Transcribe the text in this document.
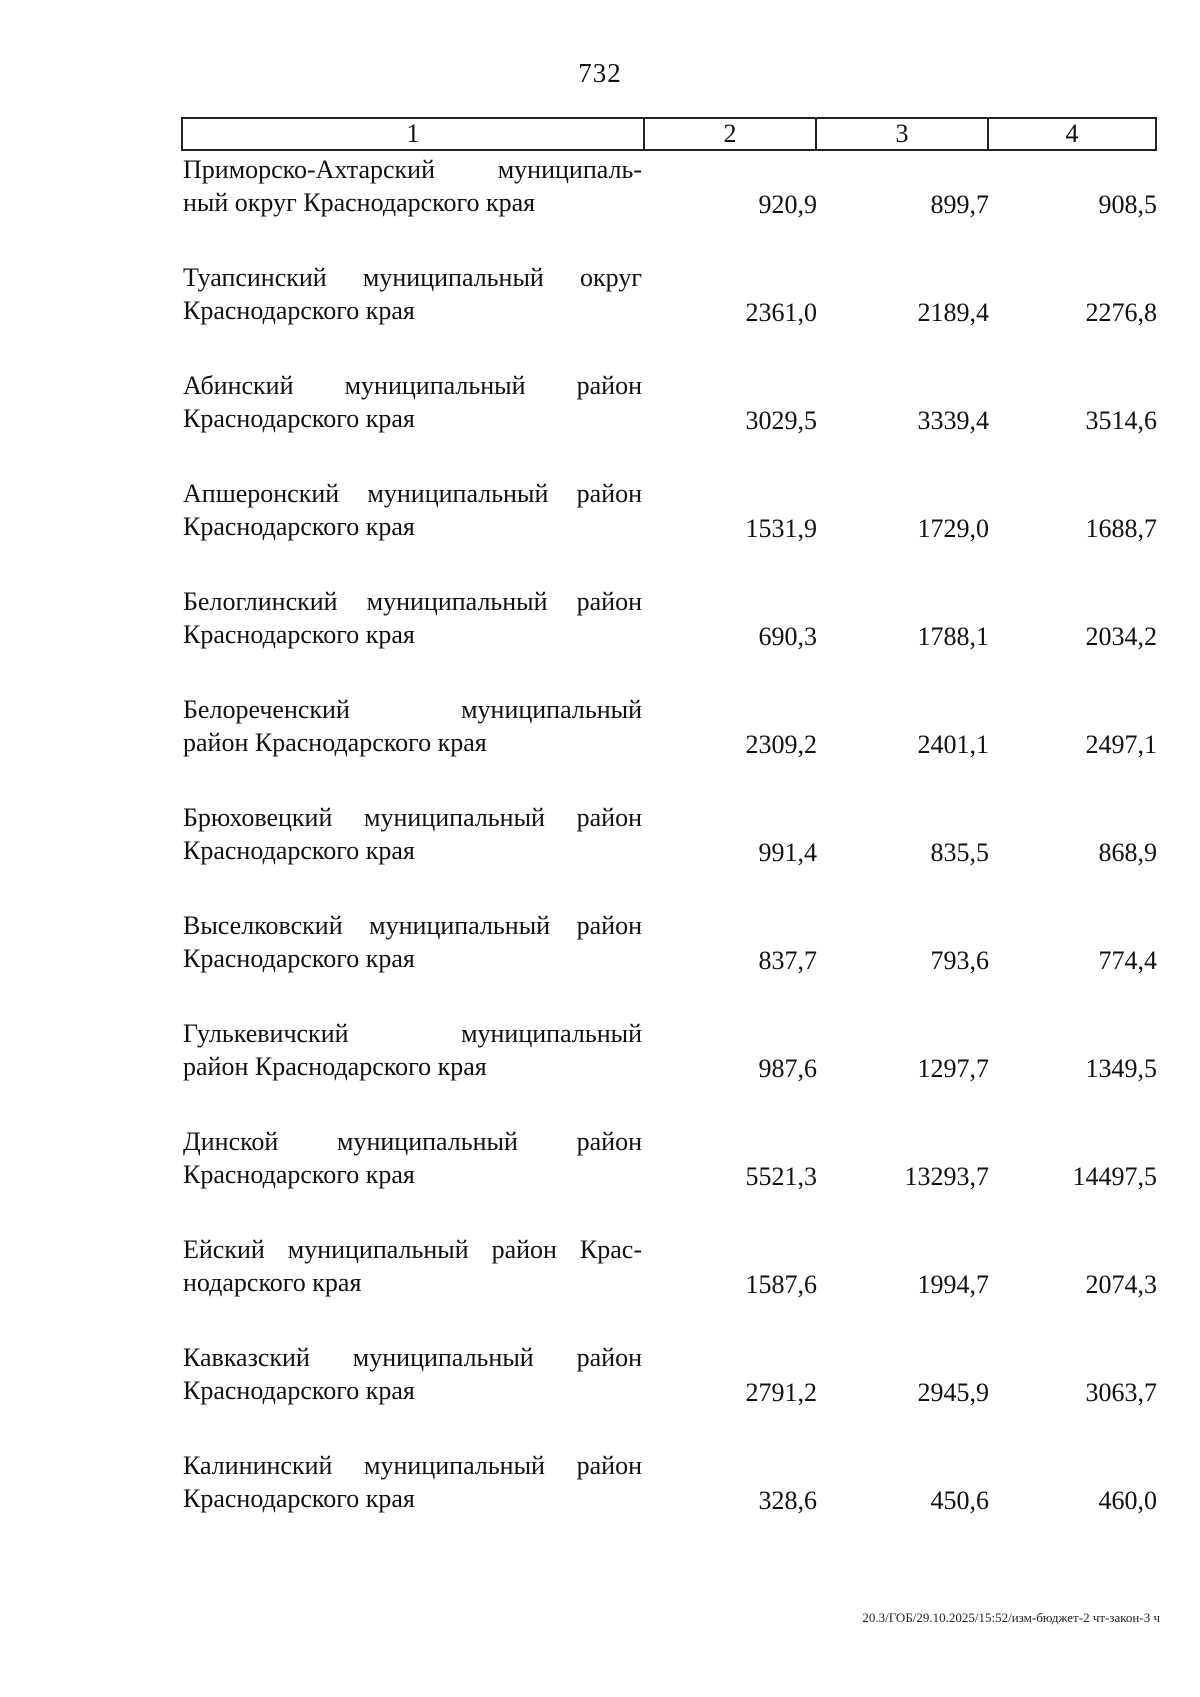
732
1	2	3	4
Приморско-Ахтарский муниципаль-
ный округ Краснодарского края	920,9	899,7	908,5
Туапсинский муниципальный округ
Краснодарского края	2361,0	2189,4	2276,8
Абинский муниципальный район
Краснодарского края	3029,5	3339,4	3514,6
Апшеронский муниципальный район
Краснодарского края	1531,9	1729,0	1688,7
Белоглинский муниципальный район
Краснодарского края	690,3	1788,1	2034,2
Белореченский муниципальный
район Краснодарского края	2309,2	2401,1	2497,1
Брюховецкий муниципальный район
Краснодарского края	991,4	835,5	868,9
Выселковский муниципальный район
Краснодарского края	837,7	793,6	774,4
Гулькевичский муниципальный
район Краснодарского края	987,6	1297,7	1349,5
Динской муниципальный район
Краснодарского края	5521,3	13293,7	14497,5
Ейский муниципальный район Крас-
нодарского края	1587,6	1994,7	2074,3
Кавказский муниципальный район
Краснодарского края	2791,2	2945,9	3063,7
Калининский муниципальный район
Краснодарского края	328,6	450,6	460,0
20.3/ГОБ/29.10.2025/15:52/изм-бюджет-2 чт-закон-3 ч
